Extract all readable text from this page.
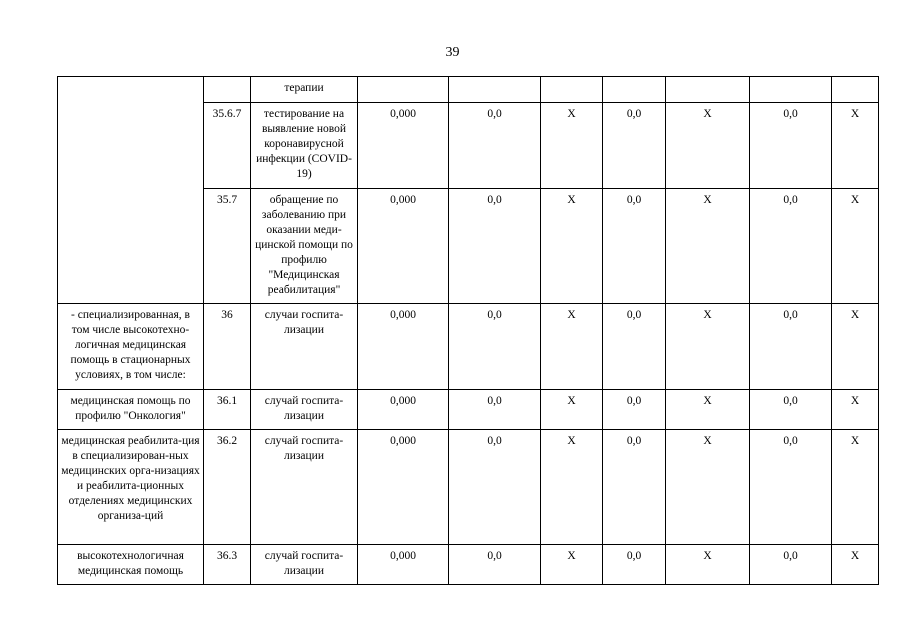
39
		терапии							
	35.6.7	тестирование на выявление новой коронавирусной инфекции (COVID-19)	0,000	0,0	X	0,0	X	0,0	X
	35.7	обращение по заболеванию при оказании меди-цинской помощи по профилю "Медицинская реабилитация"	0,000	0,0	X	0,0	X	0,0	X
- специализированная, в том числе высокотехно-логичная медицинская помощь в стационарных условиях, в том числе:	36	случаи госпита-лизации	0,000	0,0	X	0,0	X	0,0	X
медицинская помощь по профилю "Онкология"	36.1	случай госпита-лизации	0,000	0,0	X	0,0	X	0,0	X
медицинская реабилита-ция в специализирован-ных медицинских орга-низациях и реабилита-ционных отделениях медицинских организа-ций	36.2	случай госпита-лизации	0,000	0,0	X	0,0	X	0,0	X
высокотехнологичная медицинская помощь	36.3	случай госпита-лизации	0,000	0,0	X	0,0	X	0,0	X
